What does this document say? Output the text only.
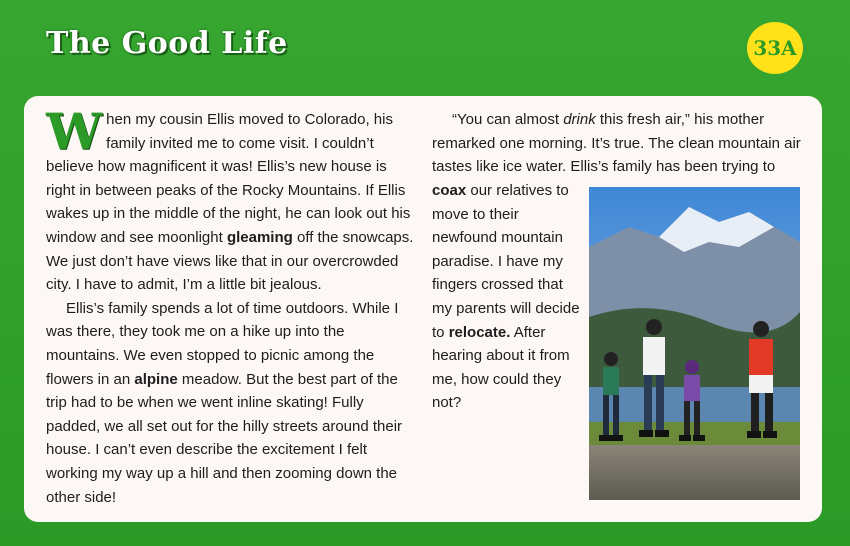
The Good Life	33A

When my cousin Ellis moved to Colorado, his family invited me to come visit. I couldn’t believe how magnificent it was! Ellis’s new house is right in between peaks of the Rocky Mountains. If Ellis wakes up in the middle of the night, he can look out his window and see moonlight gleaming off the snowcaps. We just don’t have views like that in our overcrowded city. I have to admit, I’m a little bit jealous.

Ellis’s family spends a lot of time outdoors. While I was there, they took me on a hike up into the mountains. We even stopped to picnic among the flowers in an alpine meadow. But the best part of the trip had to be when we went inline skating! Fully padded, we all set out for the hilly streets around their house. I can’t even describe the excitement I felt working my way up a hill and then zooming down the other side!

“You can almost drink this fresh air,” his mother remarked one morning. It’s true. The clean mountain air tastes like ice water. Ellis’s family has been trying to

coax our relatives to move to their newfound mountain paradise. I have my fingers crossed that my parents will decide to relocate. After hearing about it from me, how could they not?
